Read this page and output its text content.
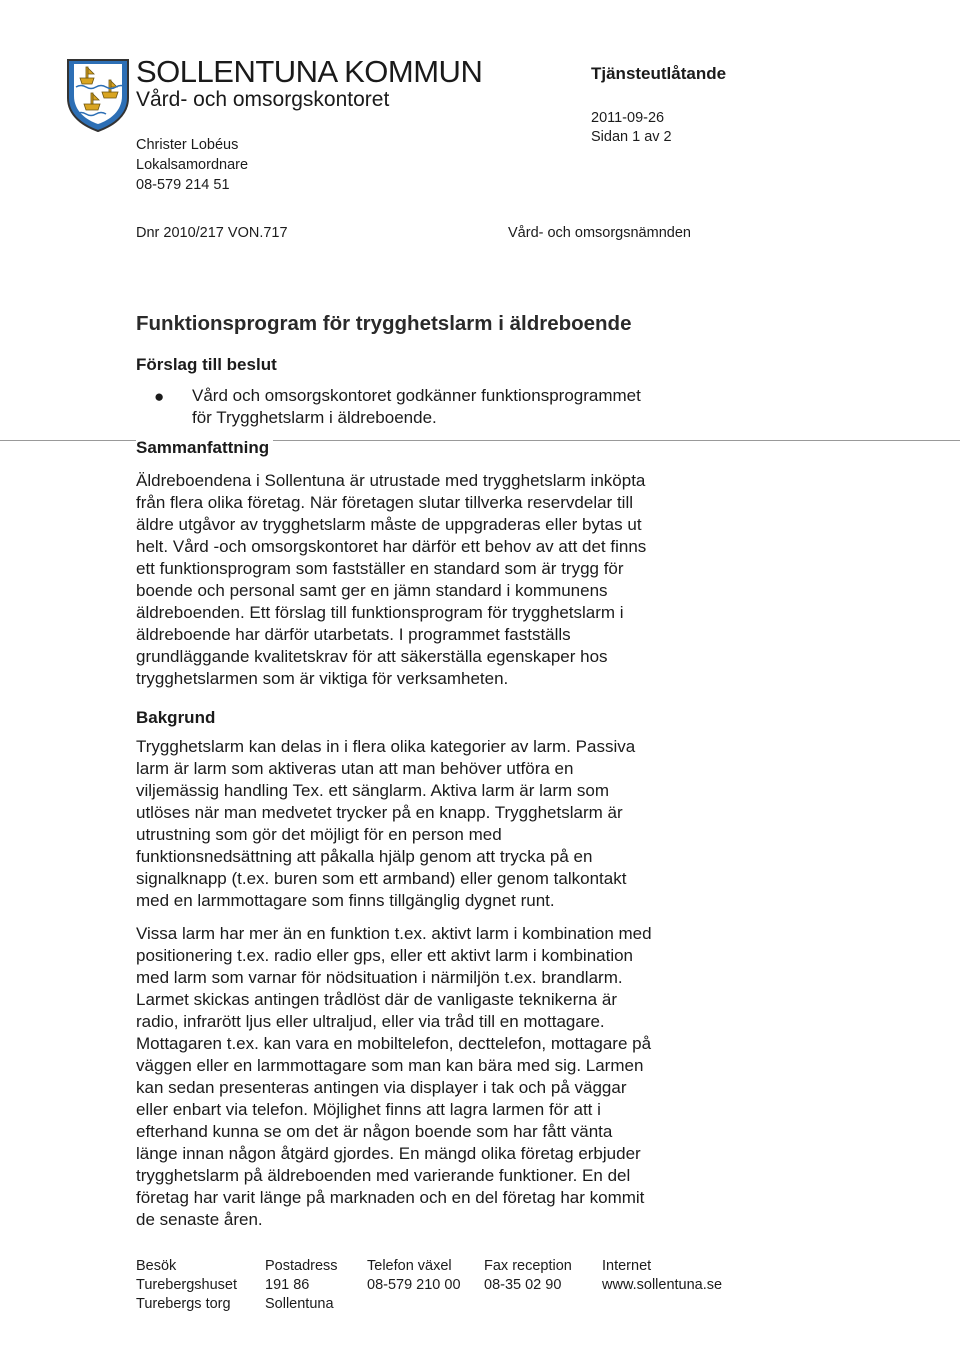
SOLLENTUNA KOMMUN
Vård- och omsorgskontoret
Christer Lobéus
Lokalsamordnare
08-579 214 51
Tjänsteutlåtande
2011-09-26
Sidan 1 av 2
Dnr 2010/217 VON.717	Vård- och omsorgsnämnden
Funktionsprogram för trygghetslarm i äldreboende
Förslag till beslut
● Vård och omsorgskontoret godkänner funktionsprogrammet
för Trygghetslarm i äldreboende.
Sammanfattning
Äldreboendena i Sollentuna är utrustade med trygghetslarm inköpta
från flera olika företag. När företagen slutar tillverka reservdelar till
äldre utgåvor av trygghetslarm måste de uppgraderas eller bytas ut
helt. Vård -och omsorgskontoret har därför ett behov av att det finns
ett funktionsprogram som fastställer en standard som är trygg för
boende och personal samt ger en jämn standard i kommunens
äldreboenden. Ett förslag till funktionsprogram för trygghetslarm i
äldreboende har därför utarbetats. I programmet fastställs
grundläggande kvalitetskrav för att säkerställa egenskaper hos
trygghetslarmen som är viktiga för verksamheten.
Bakgrund
Trygghetslarm kan delas in i flera olika kategorier av larm. Passiva
larm är larm som aktiveras utan att man behöver utföra en
viljemässig handling Tex. ett sänglarm. Aktiva larm är larm som
utlöses när man medvetet trycker på en knapp. Trygghetslarm är
utrustning som gör det möjligt för en person med
funktionsnedsättning att påkalla hjälp genom att trycka på en
signalknapp (t.ex. buren som ett armband) eller genom talkontakt
med en larmmottagare som finns tillgänglig dygnet runt.
Vissa larm har mer än en funktion t.ex. aktivt larm i kombination med
positionering t.ex. radio eller gps, eller ett aktivt larm i kombination
med larm som varnar för nödsituation i närmiljön t.ex. brandlarm.
Larmet skickas antingen trådlöst där de vanligaste teknikerna är
radio, infrarött ljus eller ultraljud, eller via tråd till en mottagare.
Mottagaren t.ex. kan vara en mobiltelefon, decttelefon, mottagare på
väggen eller en larmmottagare som man kan bära med sig. Larmen
kan sedan presenteras antingen via displayer i tak och på väggar
eller enbart via telefon. Möjlighet finns att lagra larmen för att i
efterhand kunna se om det är någon boende som har fått vänta
länge innan någon åtgärd gjordes. En mängd olika företag erbjuder
trygghetslarm på äldreboenden med varierande funktioner. En del
företag har varit länge på marknaden och en del företag har kommit
de senaste åren.
Besök
Turebergshuset
Turebergs torg
Postadress
191 86
Sollentuna
Telefon växel
08-579 210 00
Fax reception
08-35 02 90
Internet
www.sollentuna.se
